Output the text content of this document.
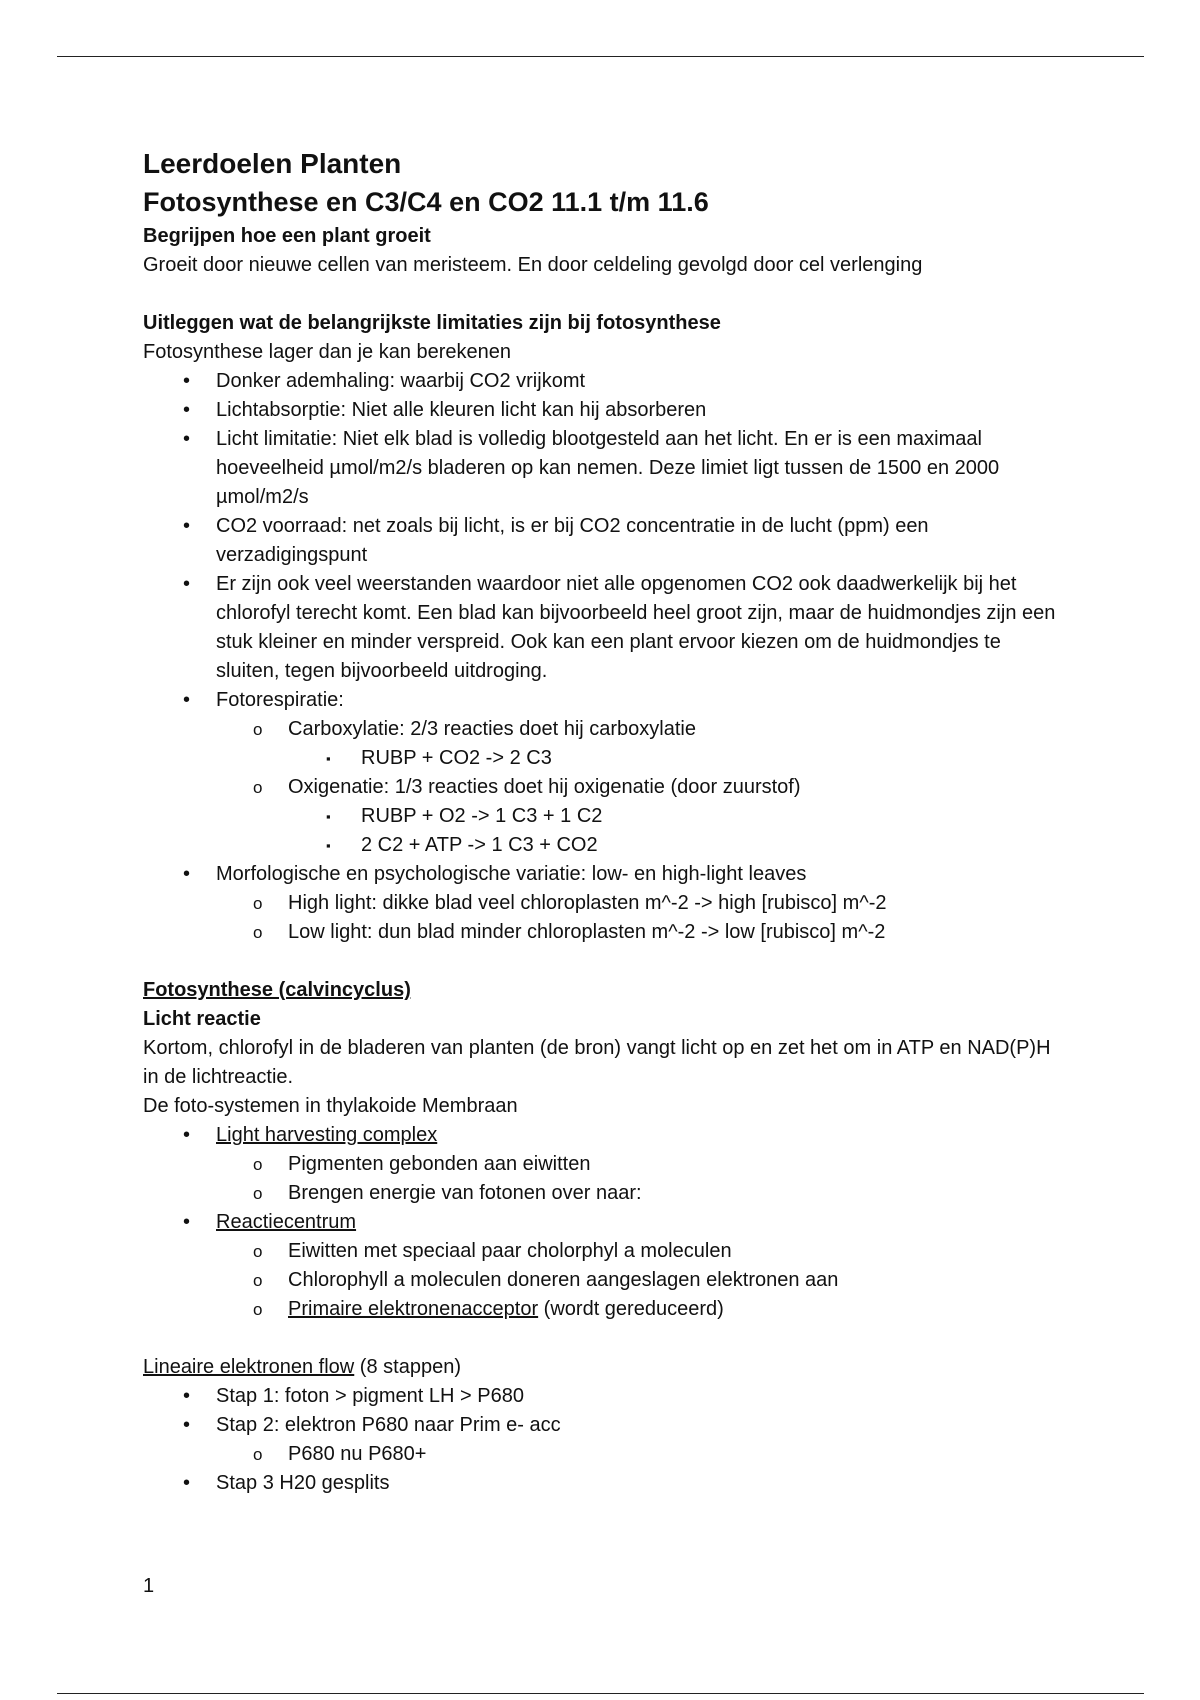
Leerdoelen Planten
Fotosynthese en C3/C4 en CO2 11.1 t/m 11.6

Begrijpen hoe een plant groeit

Groeit door nieuwe cellen van meristeem. En door celdeling gevolgd door cel verlenging

Uitleggen wat de belangrijkste limitaties zijn bij fotosynthese

Fotosynthese lager dan je kan berekenen

• Donker ademhaling: waarbij CO2 vrijkomt
• Lichtabsorptie: Niet alle kleuren licht kan hij absorberen
• Licht limitatie: Niet elk blad is volledig blootgesteld aan het licht. En er is een maximaal hoeveelheid µmol/m2/s bladeren op kan nemen. Deze limiet ligt tussen de 1500 en 2000 µmol/m2/s
• CO2 voorraad: net zoals bij licht, is er bij CO2 concentratie in de lucht (ppm) een verzadigingspunt
• Er zijn ook veel weerstanden waardoor niet alle opgenomen CO2 ook daadwerkelijk bij het chlorofyl terecht komt. Een blad kan bijvoorbeeld heel groot zijn, maar de huidmondjes zijn een stuk kleiner en minder verspreid. Ook kan een plant ervoor kiezen om de huidmondjes te sluiten, tegen bijvoorbeeld uitdroging.
• Fotorespiratie:
o Carboxylatie: 2/3 reacties doet hij carboxylatie
▪ RUBP + CO2 -> 2 C3
o Oxigenatie: 1/3 reacties doet hij oxigenatie (door zuurstof)
▪ RUBP + O2 -> 1 C3 + 1 C2
▪ 2 C2 + ATP -> 1 C3 + CO2
• Morfologische en psychologische variatie: low- en high-light leaves
o High light: dikke blad veel chloroplasten m^-2 -> high [rubisco] m^-2
o Low light: dun blad minder chloroplasten m^-2 -> low [rubisco] m^-2

Fotosynthese (calvincyclus)

Licht reactie

Kortom, chlorofyl in de bladeren van planten (de bron) vangt licht op en zet het om in ATP en NAD(P)H in de lichtreactie.

De foto-systemen in thylakoide Membraan

• Light harvesting complex
o Pigmenten gebonden aan eiwitten
o Brengen energie van fotonen over naar:
• Reactiecentrum
o Eiwitten met speciaal paar cholorphyl a moleculen
o Chlorophyll a moleculen doneren aangeslagen elektronen aan
o Primaire elektronenacceptor (wordt gereduceerd)

Lineaire elektronen flow (8 stappen)

• Stap 1: foton > pigment LH > P680
• Stap 2: elektron P680 naar Prim e- acc
o P680 nu P680+
• Stap 3 H20 gesplits
1
